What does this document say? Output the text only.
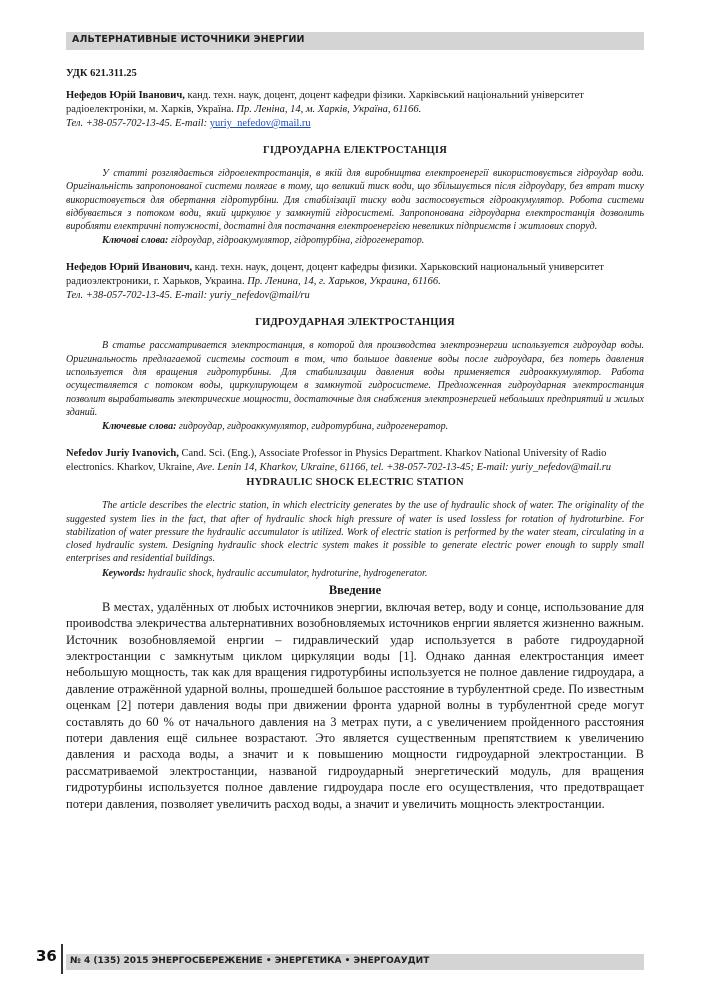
АЛЬТЕРНАТИВНЫЕ ИСТОЧНИКИ ЭНЕРГИИ

УДК 621.311.25

Нефедов Юрій Іванович, канд. техн. наук, доцент, доцент кафедри фізики. Харківський національний університет радіоелектроніки, м. Харків, Україна. Пр. Леніна, 14, м. Харків, Україна, 61166.
Тел. +38-057-702-13-45. E-mail: yuriy_nefedov@mail.ru

ГІДРОУДАРНА ЕЛЕКТРОСТАНЦІЯ

У статті розглядається гідроелектростанція, в якій для виробництва електроенергії використовується гідроудар води. Оригінальність запропонованої системи полягає в тому, що великий тиск води, що збільшується після гідроудару, без втрат тиску використовується для обертання гідротурбіни. Для стабілізації тиску води застосовується гідроакумулятор. Робота системи відбувається з потоком води, який циркулює у замкнутій гідросистемі. Запропонована гідроударна електростанція дозволить виробляти електричні потужності, достатні для постачання електроенергією невеликих підприємств і житлових споруд.

Ключові слова: гідроудар, гідроакумулятор, гідротурбіна, гідрогенератор.

Нефедов Юрий Иванович, канд. техн. наук, доцент, доцент кафедры физики. Харьковский национальный университет радиоэлектроники, г. Харьков, Украина. Пр. Ленина, 14, г. Харьков, Украина, 61166.
Тел. +38-057-702-13-45. E-mail: yuriy_nefedov@mail/ru

ГИДРОУДАРНАЯ ЭЛЕКТРОСТАНЦИЯ

В статье рассматривается электростанция, в которой для производства электроэнергии используется гидроудар воды. Оригинальность предлагаемой системы состоит в том, что большое давление воды после гидроудара, без потерь давления используется для вращения гидротурбины. Для стабилизации давления воды применяется гидроаккумулятор. Работа осуществляется с потоком воды, циркулирующем в замкнутой гидросистеме. Предложенная гидроударная электростанция позволит вырабатывать электрические мощности, достаточные для снабжения электроэнергией небольших предприятий и жилых зданий.

Ключевые слова: гидроудар, гидроаккумулятор, гидротурбина, гидрогенератор.

Nefedov Juriy Ivanovich, Cand. Sci. (Eng.), Associate Professor in Physics Department. Kharkov National University of Radio electronics. Kharkov, Ukraine, Ave. Lenin 14, Kharkov, Ukraine, 61166, tel. +38-057-702-13-45; E-mail: yuriy_nefedov@mail.ru

HYDRAULIC SHOCK ELECTRIC STATION

The article describes the electric station, in which electricity generates by the use of hydraulic shock of water. The originality of the suggested system lies in the fact, that after of hydraulic shock high pressure of water is used lossless for rotation of hydroturbine. For stabilization of water pressure the hydraulic accumulator is utilized. Work of electric station is performed by the water steam, circulating in a closed hydraulic system. Designing hydraulic shock electric system makes it possible to generate electric power enough to supply small enterprises and residential buildings.

Keywords: hydraulic shock, hydraulic accumulator, hydroturine, hydrogenerator.

Введение

В местах, удалённых от любых источников энергии, включая ветер, воду и сонце, использование для проивodства элекричества альтернативних возобновляемых источников енргии является жизненно важным. Источник возобновляемой енргии – гидравлический удар используется в работе гидроударной электростанции с замкнутым циклом циркуляции воды [1]. Однако данная електростанция имеет небольшую мощность, так как для вращения гидротурбины используется не полное давление гидроудара, а давление отражённой ударной волны, прошедшей большое расстояние в турбулентной среде. По известным оценкам [2] потери давления воды при движении фронта ударной волны в турбулентной среде могут составлять до 60 % от начального давления на 3 метрах пути, а с увеличением пройденного расстояния потери давления ещё сильнее возрастают. Это является существенным препятствием к увеличению давления и расхода воды, а значит и к повышению мощности гидроударной электростанции. В рассматриваемой электростанции, названой гидроударный энергетический модуль, для вращения гидротурбины используется полное давление гидроудара после его осуществления, что предотвращает потери давления, позволяет увеличить расход воды, а значит и увеличить мощность электростанции.

36 № 4 (135) 2015 ЭНЕРГОСБЕРЕЖЕНИЕ • ЭНЕРГЕТИКА • ЭНЕРГОАУДИТ
